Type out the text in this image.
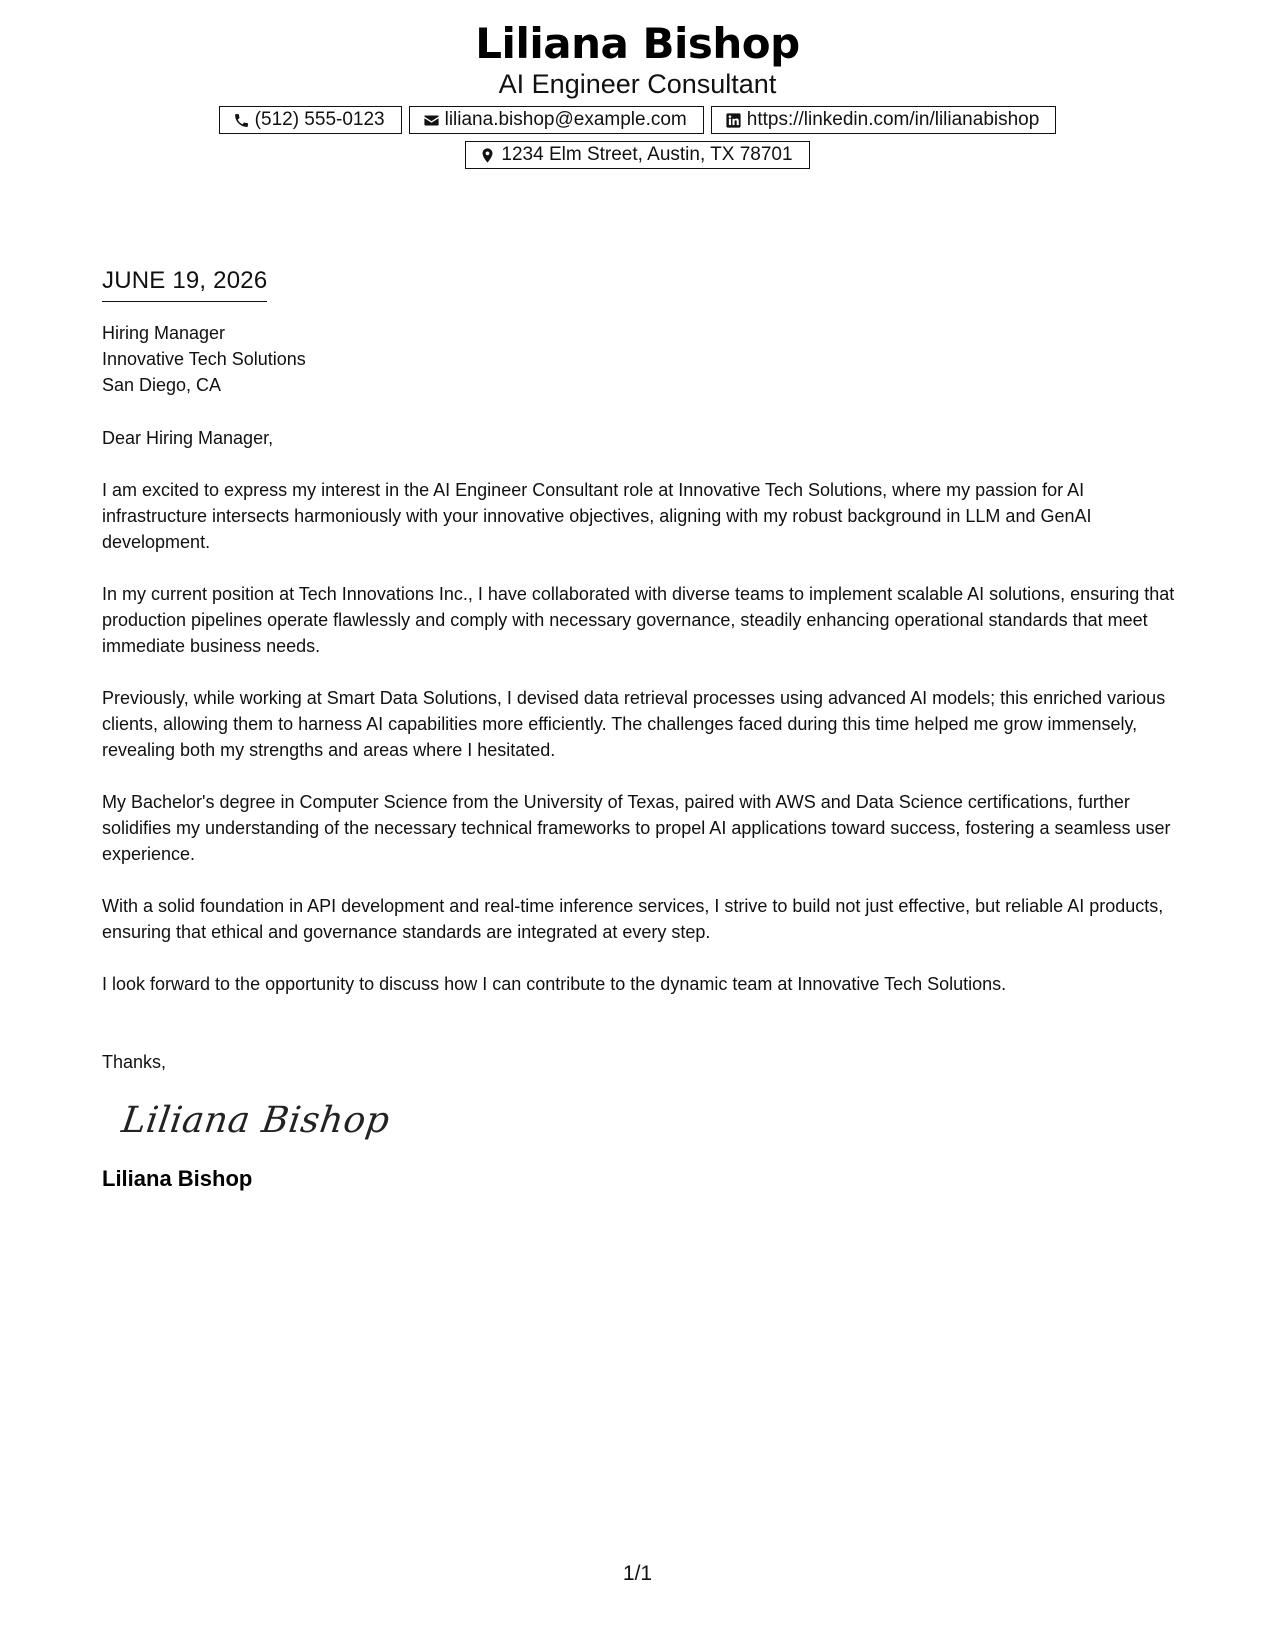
Liliana Bishop
AI Engineer Consultant
(512) 555-0123	liliana.bishop@example.com	https://linkedin.com/in/lilianabishop
1234 Elm Street, Austin, TX 78701
JUNE 19, 2026
Hiring Manager
Innovative Tech Solutions
San Diego, CA
Dear Hiring Manager,
I am excited to express my interest in the AI Engineer Consultant role at Innovative Tech Solutions, where my passion for AI infrastructure intersects harmoniously with your innovative objectives, aligning with my robust background in LLM and GenAI development.
In my current position at Tech Innovations Inc., I have collaborated with diverse teams to implement scalable AI solutions, ensuring that production pipelines operate flawlessly and comply with necessary governance, steadily enhancing operational standards that meet immediate business needs.
Previously, while working at Smart Data Solutions, I devised data retrieval processes using advanced AI models; this enriched various clients, allowing them to harness AI capabilities more efficiently. The challenges faced during this time helped me grow immensely, revealing both my strengths and areas where I hesitated.
My Bachelor's degree in Computer Science from the University of Texas, paired with AWS and Data Science certifications, further solidifies my understanding of the necessary technical frameworks to propel AI applications toward success, fostering a seamless user experience.
With a solid foundation in API development and real-time inference services, I strive to build not just effective, but reliable AI products, ensuring that ethical and governance standards are integrated at every step.
I look forward to the opportunity to discuss how I can contribute to the dynamic team at Innovative Tech Solutions.
Thanks,
Liliana Bishop
Liliana Bishop
1/1
